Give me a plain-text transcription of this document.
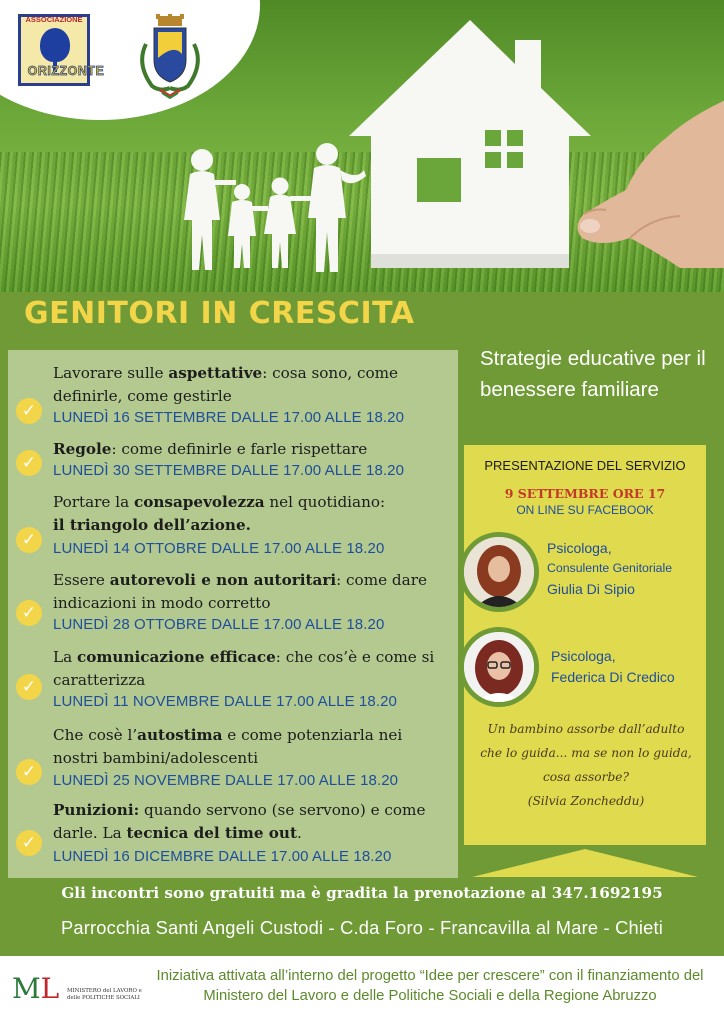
ASSOCIAZIONE
ORIZZONTE
GENITORI IN CRESCITA
Lavorare sulle aspettative: cosa sono, come definirle, come gestirle
LUNEDÌ 16 SETTEMBRE DALLE 17.00 ALLE 18.20
✓
Regole: come definirle e farle rispettare
LUNEDÌ 30 SETTEMBRE DALLE 17.00 ALLE 18.20
✓
Portare la consapevolezza nel quotidiano:
il triangolo dell’azione.
LUNEDÌ 14 OTTOBRE DALLE 17.00 ALLE 18.20
✓
Essere autorevoli e non autoritari: come dare indicazioni in modo corretto
LUNEDÌ 28 OTTOBRE DALLE 17.00 ALLE 18.20
✓
La comunicazione efficace: che cos’è e come si caratterizza
LUNEDÌ 11 NOVEMBRE DALLE 17.00 ALLE 18.20
✓
Che cosè l’autostima e come potenziarla nei nostri bambini/adolescenti
LUNEDÌ 25 NOVEMBRE DALLE 17.00 ALLE 18.20
✓
Punizioni: quando servono (se servono) e come darle. La tecnica del time out.
LUNEDÌ 16 DICEMBRE DALLE 17.00 ALLE 18.20
✓
Strategie educative per il benessere familiare
PRESENTAZIONE DEL SERVIZIO
9 SETTEMBRE ORE 17
ON LINE SU FACEBOOK
Psicologa,
Consulente Genitoriale
Giulia Di Sipio
Psicologa,
Federica Di Credico
Un bambino assorbe dall’adulto
che lo guida... ma se non lo guida,
cosa assorbe?
(Silvia Zoncheddu)
Gli incontri sono gratuiti ma è gradita la prenotazione al 347.1692195
Parrocchia Santi Angeli Custodi - C.da Foro - Francavilla al Mare - Chieti
ML MINISTERO del LAVORO e delle POLITICHE SOCIALI
Iniziativa attivata all’interno del progetto “Idee per crescere” con il finanziamento del Ministero del Lavoro e delle Politiche Sociali e della Regione Abruzzo
